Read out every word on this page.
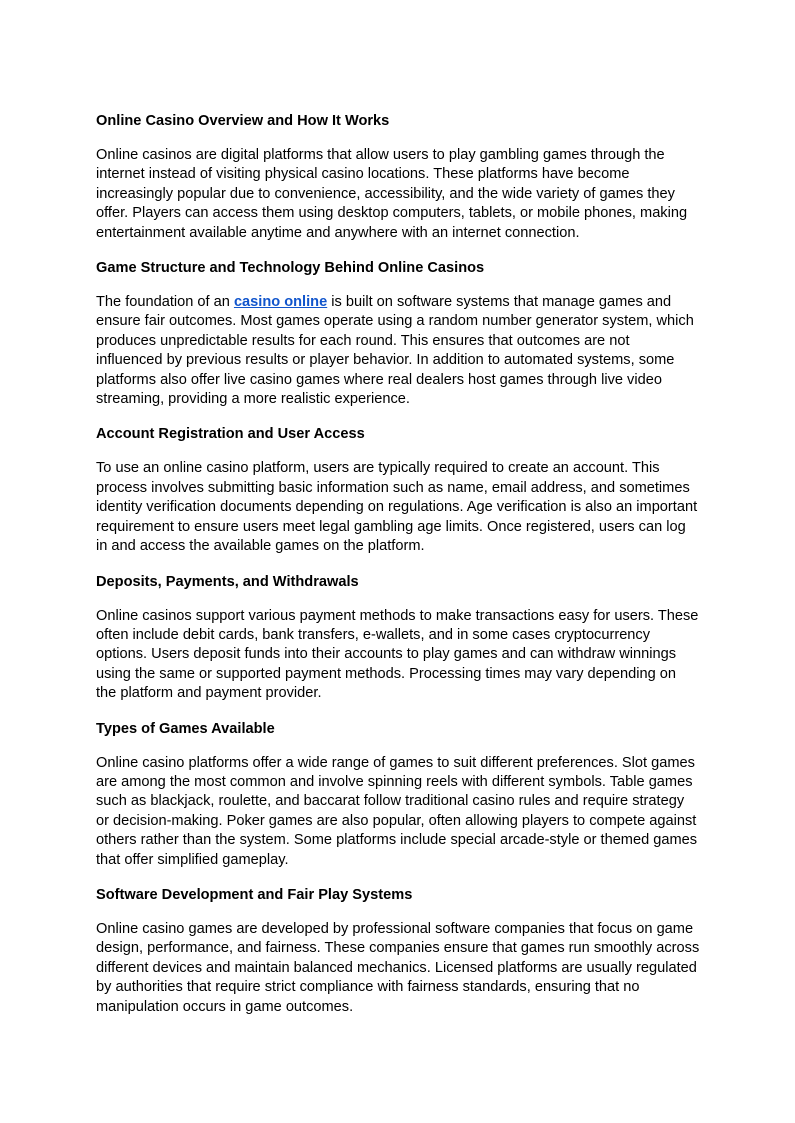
Online Casino Overview and How It Works

Online casinos are digital platforms that allow users to play gambling games through the internet instead of visiting physical casino locations. These platforms have become increasingly popular due to convenience, accessibility, and the wide variety of games they offer. Players can access them using desktop computers, tablets, or mobile phones, making entertainment available anytime and anywhere with an internet connection.

Game Structure and Technology Behind Online Casinos

The foundation of an casino online is built on software systems that manage games and ensure fair outcomes. Most games operate using a random number generator system, which produces unpredictable results for each round. This ensures that outcomes are not influenced by previous results or player behavior. In addition to automated systems, some platforms also offer live casino games where real dealers host games through live video streaming, providing a more realistic experience.

Account Registration and User Access

To use an online casino platform, users are typically required to create an account. This process involves submitting basic information such as name, email address, and sometimes identity verification documents depending on regulations. Age verification is also an important requirement to ensure users meet legal gambling age limits. Once registered, users can log in and access the available games on the platform.

Deposits, Payments, and Withdrawals

Online casinos support various payment methods to make transactions easy for users. These often include debit cards, bank transfers, e-wallets, and in some cases cryptocurrency options. Users deposit funds into their accounts to play games and can withdraw winnings using the same or supported payment methods. Processing times may vary depending on the platform and payment provider.

Types of Games Available

Online casino platforms offer a wide range of games to suit different preferences. Slot games are among the most common and involve spinning reels with different symbols. Table games such as blackjack, roulette, and baccarat follow traditional casino rules and require strategy or decision-making. Poker games are also popular, often allowing players to compete against others rather than the system. Some platforms include special arcade-style or themed games that offer simplified gameplay.

Software Development and Fair Play Systems

Online casino games are developed by professional software companies that focus on game design, performance, and fairness. These companies ensure that games run smoothly across different devices and maintain balanced mechanics. Licensed platforms are usually regulated by authorities that require strict compliance with fairness standards, ensuring that no manipulation occurs in game outcomes.
